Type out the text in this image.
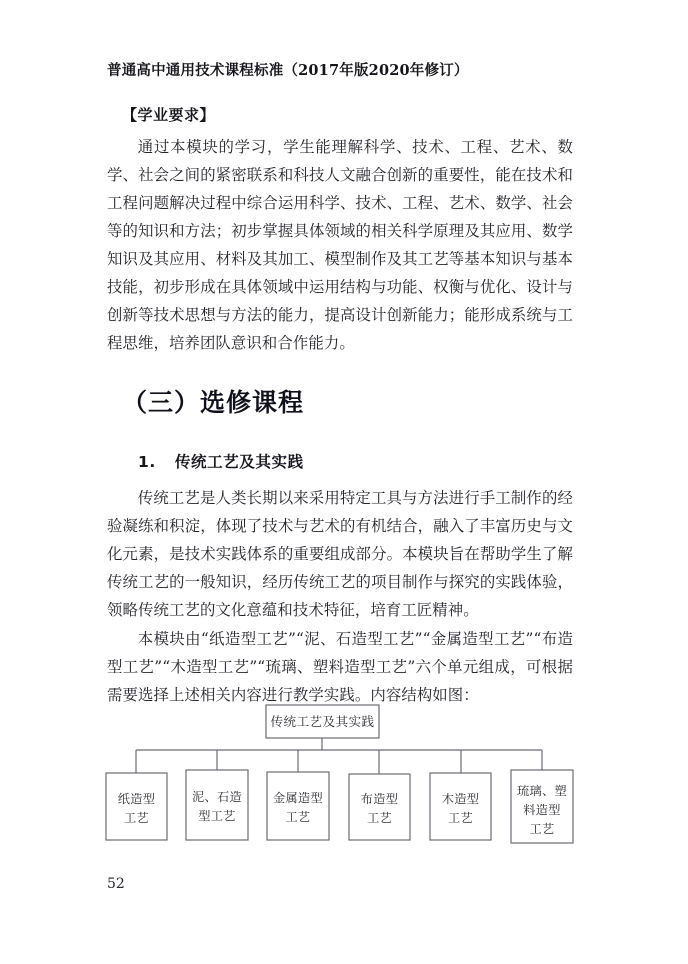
普通高中通用技术课程标准（2017年版2020年修订）
【学业要求】

通过本模块的学习，学生能理解科学、技术、工程、艺术、数学、社会之间的紧密联系和科技人文融合创新的重要性，能在技术和工程问题解决过程中综合运用科学、技术、工程、艺术、数学、社会等的知识和方法；初步掌握具体领域的相关科学原理及其应用、数学知识及其应用、材料及其加工、模型制作及其工艺等基本知识与基本技能，初步形成在具体领域中运用结构与功能、权衡与优化、设计与创新等技术思想与方法的能力，提高设计创新能力；能形成系统与工程思维，培养团队意识和合作能力。

（三）选修课程
1. 传统工艺及其实践

传统工艺是人类长期以来采用特定工具与方法进行手工制作的经验凝练和积淀，体现了技术与艺术的有机结合，融入了丰富历史与文化元素，是技术实践体系的重要组成部分。本模块旨在帮助学生了解传统工艺的一般知识，经历传统工艺的项目制作与探究的实践体验，领略传统工艺的文化意蕴和技术特征，培育工匠精神。

本模块由“纸造型工艺”“泥、石造型工艺”“金属造型工艺”“布造型工艺”“木造型工艺”“琉璃、塑料造型工艺”六个单元组成，可根据需要选择上述相关内容进行教学实践。内容结构如图：

传统工艺及其实践
纸造型
工艺
泥、石造
型工艺
金属造型
工艺
布造型
工艺
木造型
工艺
琉璃、塑
料造型
工艺
52
